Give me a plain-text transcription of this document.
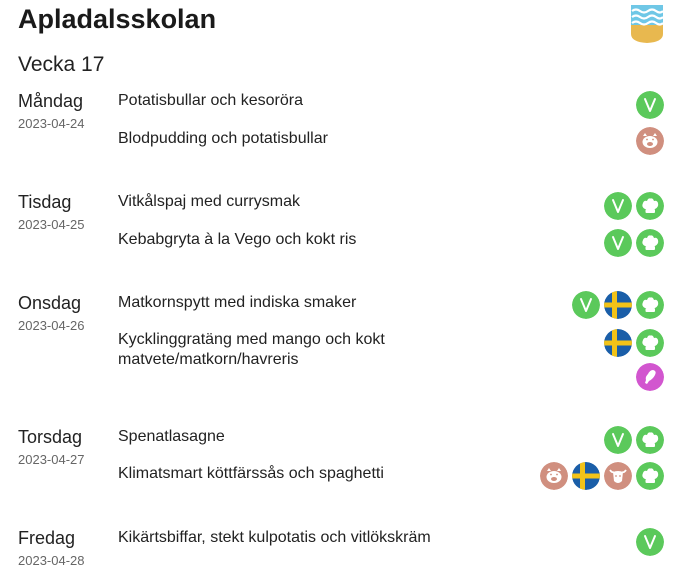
Apladalsskolan
Vecka 17
Måndag
2023-04-24
Potatisbullar och kesorörа
Blodpudding och potatisbullar
Tisdag
2023-04-25
Vitkålspaj med currysmak
Kebabgryta à la Vego och kokt ris
Onsdag
2023-04-26
Matkornspytt med indiska smaker
Kycklinggratäng med mango och kokt matvete/matkorn/havreris
Torsdag
2023-04-27
Spenatlasagne
Klimatsmart köttfärssås och spaghetti
Fredag
2023-04-28
Kikärtsbiffar, stekt kulpotatis och vitlökskräm
